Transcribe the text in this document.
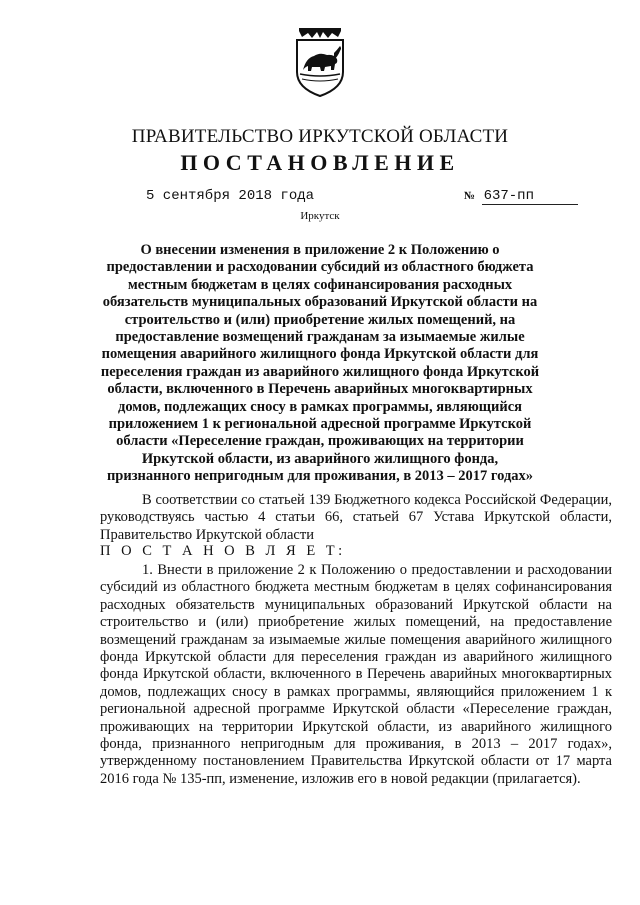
ПРАВИТЕЛЬСТВО ИРКУТСКОЙ ОБЛАСТИ
ПОСТАНОВЛЕНИЕ
5 сентября 2018 года	№ 637-пп
Иркутск
О внесении изменения в приложение 2 к Положению о предоставлении и расходовании субсидий из областного бюджета местным бюджетам в целях софинансирования расходных обязательств муниципальных образований Иркутской области на строительство и (или) приобретение жилых помещений, на предоставление возмещений гражданам за изымаемые жилые помещения аварийного жилищного фонда Иркутской области для переселения граждан из аварийного жилищного фонда Иркутской области, включенного в Перечень аварийных многоквартирных домов, подлежащих сносу в рамках программы, являющийся приложением 1 к региональной адресной программе Иркутской области «Переселение граждан, проживающих на территории Иркутской области, из аварийного жилищного фонда, признанного непригодным для проживания, в 2013 – 2017 годах»
В соответствии со статьей 139 Бюджетного кодекса Российской Федерации, руководствуясь частью 4 статьи 66, статьей 67 Устава Иркутской области, Правительство Иркутской области
П О С Т А Н О В Л Я Е Т:
1. Внести в приложение 2 к Положению о предоставлении и расходовании субсидий из областного бюджета местным бюджетам в целях софинансирования расходных обязательств муниципальных образований Иркутской области на строительство и (или) приобретение жилых помещений, на предоставление возмещений гражданам за изымаемые жилые помещения аварийного жилищного фонда Иркутской области для переселения граждан из аварийного жилищного фонда Иркутской области, включенного в Перечень аварийных многоквартирных домов, подлежащих сносу в рамках программы, являющийся приложением 1 к региональной адресной программе Иркутской области «Переселение граждан, проживающих на территории Иркутской области, из аварийного жилищного фонда, признанного непригодным для проживания, в 2013 – 2017 годах», утвержденному постановлением Правительства Иркутской области от 17 марта 2016 года № 135-пп, изменение, изложив его в новой редакции (прилагается).
